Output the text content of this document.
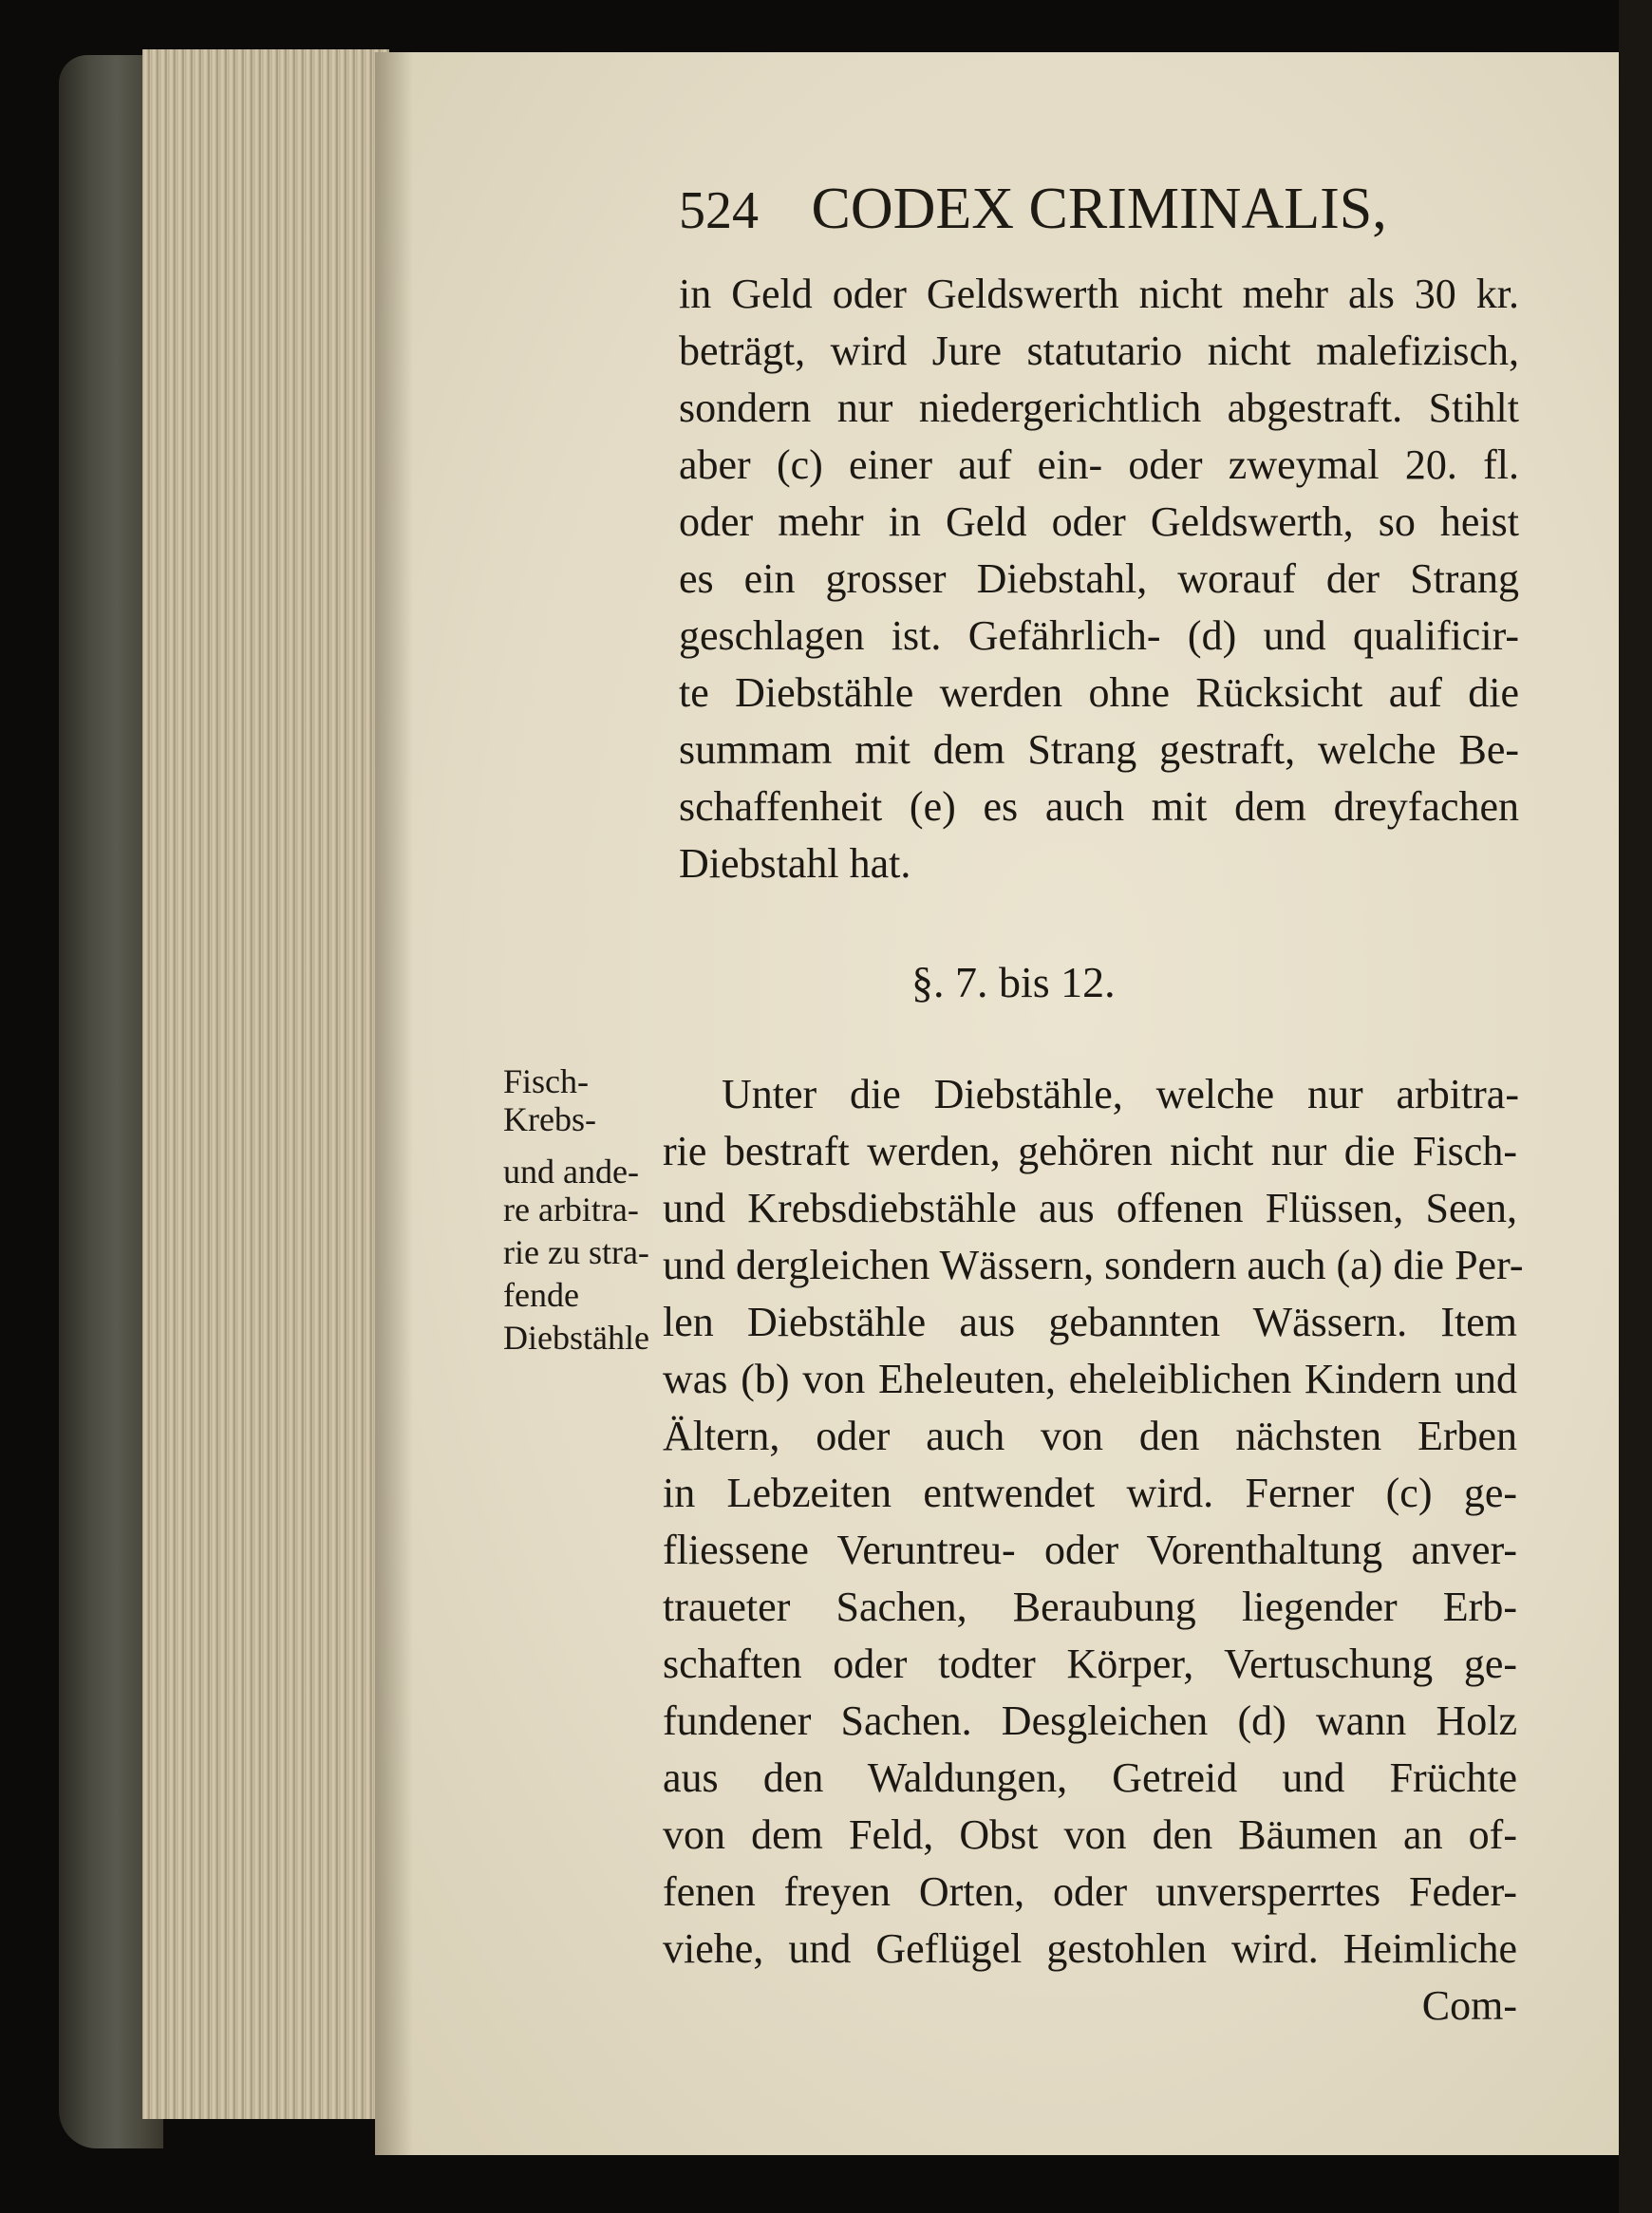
524 CODEX CRIMINALIS,
in Geld oder Geldswerth nicht mehr als 30 kr.
beträgt, wird Jure statutario nicht malefizisch,
sondern nur niedergerichtlich abgestraft. Stihlt
aber (c) einer auf ein- oder zweymal 20. fl.
oder mehr in Geld oder Geldswerth, so heist
es ein grosser Diebstahl, worauf der Strang
geschlagen ist. Gefährlich- (d) und qualificir-
te Diebstähle werden ohne Rücksicht auf die
summam mit dem Strang gestraft, welche Be-
schaffenheit (e) es auch mit dem dreyfachen
Diebstahl hat.
§. 7. bis 12.
Fisch-
Krebs-
und ande-
re arbitra-
rie zu stra-
fende
Diebstähle
Unter die Diebstähle, welche nur arbitra-
rie bestraft werden, gehören nicht nur die Fisch-
und Krebsdiebstähle aus offenen Flüssen, Seen,
und dergleichen Wässern, sondern auch (a) die Per-
len Diebstähle aus gebannten Wässern. Item
was (b) von Eheleuten, eheleiblichen Kindern und
Ältern, oder auch von den nächsten Erben
in Lebzeiten entwendet wird. Ferner (c) ge-
fliessene Veruntreu- oder Vorenthaltung anver-
traueter Sachen, Beraubung liegender Erb-
schaften oder todter Körper, Vertuschung ge-
fundener Sachen. Desgleichen (d) wann Holz
aus den Waldungen, Getreid und Früchte
von dem Feld, Obst von den Bäumen an of-
fenen freyen Orten, oder unversperrtes Feder-
viehe, und Geflügel gestohlen wird. Heimliche
Com-
